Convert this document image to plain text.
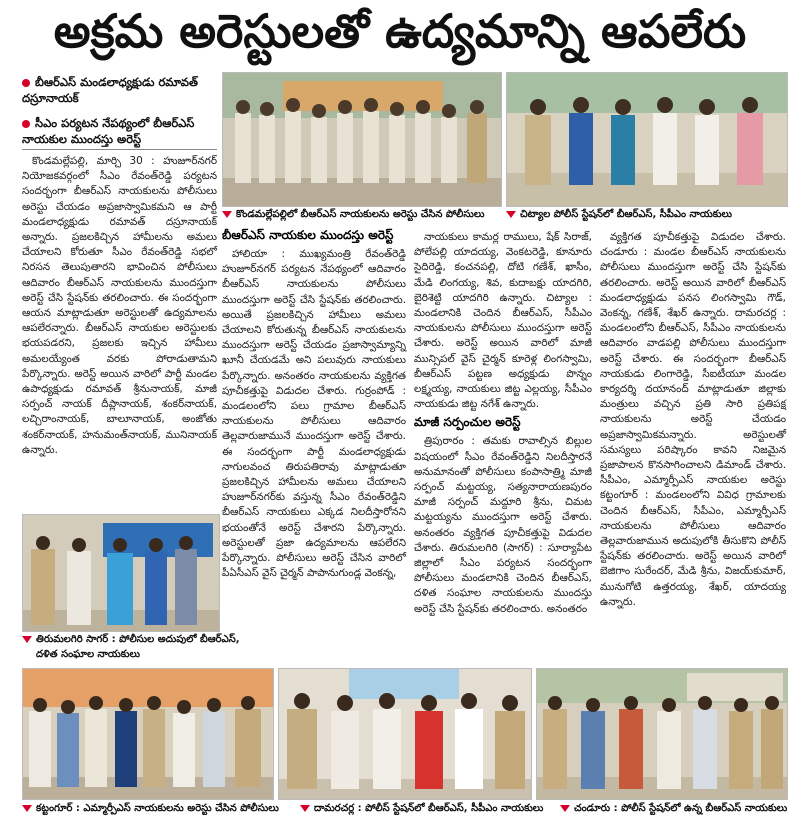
అక్రమ అరెస్టులతో ఉద్యమాన్ని ఆపలేరు
బీఆర్ఎస్ మండలాధ్యక్షుడు రమావత్ దస్రూనాయక్
సీఎం పర్యటన నేపథ్యంలో బీఆర్ఎస్ నాయకుల ముందస్తు అరెస్ట్

కొండమల్లేపల్లి, మార్చి 30 : హుజూర్‌నగర్ నియోజకవర్గంలో సీఎం రేవంత్‌రెడ్డి పర్యటన సందర్భంగా బీఆర్ఎస్ నాయకులను పోలీసులు అరెస్టు చేయడం అప్రజాస్వామికమని ఆ పార్టీ మండలాధ్యక్షుడు రమావత్ దస్రూనాయక్ అన్నారు. ప్రజలకిచ్చిన హామీలను అమలు చేయాలని కోరుతూ సీఎం రేవంత్‌రెడ్డి సభలో నిరసన తెలుపుతారని భావించిన పోలీసులు ఆదివారం బీఆర్ఎస్ నాయకులను ముందస్తుగా అరెస్ట్ చేసి స్టేషన్‌కు తరలించారు. ఈ సందర్భంగా ఆయన మాట్లాడుతూ అరెస్టులతో ఉద్యమాలను ఆపలేరన్నారు. బీఆర్ఎస్ నాయకుల అరెస్టులకు భయపడరని, ప్రజలకు ఇచ్చిన హామీలు అమలయ్యేంత వరకు పోరాడుతామని పేర్కొన్నారు. అరెస్ట్ అయిన వారిలో పార్టీ మండల ఉపాధ్యక్షుడు రమావత్ శ్రీనునాయక్, మాజీ సర్పంచ్ నాయక్ దీప్లానాయక్, శంకర్‌నాయక్, లచ్చిరాంనాయక్, బాలూనాయక్, అంజోతు శంకర్‌నాయక్, హనుమంత్‌నాయక్, మునినాయక్ ఉన్నారు.

కొండమల్లేపల్లిలో బీఆర్ఎస్ నాయకులను అరెస్టు చేసిన పోలీసులు	చిట్యాల పోలీస్ స్టేషన్‌లో బీఆర్ఎస్, సీపీఎం నాయకులు
బీఆర్ఎస్ నాయకుల ముందస్తు అరెస్ట్

హాలియా : ముఖ్యమంత్రి రేవంత్‌రెడ్డి హుజూర్‌నగర్ పర్యటన నేపథ్యంలో ఆదివారం బీఆర్ఎస్ నాయకులను పోలీసులు ముందస్తుగా అరెస్ట్ చేసి స్టేషన్‌కు తరలించారు. అయితే ప్రజలకిచ్చిన హామీలు అమలు చేయాలని కోరుతున్న బీఆర్ఎస్ నాయకులను ముందస్తుగా అరెస్ట్ చేయడం ప్రజాస్వామ్యాన్ని ఖూనీ చేయడమే అని పలువురు నాయకులు పేర్కొన్నారు. అనంతరం నాయకులను వ్యక్తిగత పూచీకత్తుపై విడుదల చేశారు. గుర్రంపోడ్ : మండలంలోని పలు గ్రామాల బీఆర్ఎస్ నాయకులను పోలీసులు ఆదివారం తెల్లవారుజామునే ముందస్తుగా అరెస్ట్ చేశారు. ఈ సందర్భంగా పార్టీ మండలాధ్యక్షుడు నాగులవంచ తిరుపతిరావు మాట్లాడుతూ ప్రజలకిచ్చిన హామీలను అమలు చేయాలని హుజూర్‌నగర్‌కు వస్తున్న సీఎం రేవంత్‌రెడ్డిని బీఆర్ఎస్ నాయకులు ఎక్కడ నిలదీస్తారోనని భయంతోనే అరెస్ట్ చేశారని పేర్కొన్నారు. అరెస్టులతో ప్రజా ఉద్యమాలను ఆపలేరని పేర్కొన్నారు. పోలీసులు అరెస్ట్ చేసిన వారిలో పీఏసీఎస్ వైస్ చైర్మన్ పాపానుగుండ్ల వెంకన్న,

నాయకులు కామర్ల రాములు, షేక్ సిరాజ్, పోలేపల్లి యాదయ్య, వెంకటరెడ్డి, కూనూరు సైదిరెడ్డి, కంచనపల్లి, దోటి గణేశ్, ఖాసీం, మేడి లింగయ్య, శివ, కుదాబక్షు యాదగిరి, బైరిశెట్టి యాదగిరి ఉన్నారు. చిట్యాల : మండలానికి చెందిన బీఆర్ఎస్, సీపీఎం నాయకులను పోలీసులు ముందస్తుగా అరెస్ట్ చేశారు. అరెస్ట్ అయిన వారిలో మాజీ మున్సిపల్ వైస్ చైర్మన్ కూరెళ్ల లింగస్వామి, బీఆర్ఎస్ పట్టణ అధ్యక్షుడు పొన్నం లక్ష్మయ్య, నాయకులు జిట్ట ఎల్లయ్య, సీపీఎం నాయకుడు జిట్ట నగేశ్ ఉన్నారు.

మాజీ సర్పంచుల అరెస్ట్

త్రిపురారం : తమకు రావాల్సిన బిల్లుల విషయంలో సీఎం రేవంత్‌రెడ్డిని నిలదీస్తారనే అనుమానంతో పోలీసులు కంపాసాత్ర్మి మాజీ సర్పంచ్ మట్టయ్య, సత్యనారాయణపురం మాజీ సర్పంచ్ మద్దూరి శ్రీను, చిమట మట్టయ్యను ముందస్తుగా అరెస్ట్ చేశారు. అనంతరం వ్యక్తిగత పూచీకత్తుపై విడుదల చేశారు. తిరుమలగిరి (సాగర్) : సూర్యాపేట జిల్లాలో సీఎం పర్యటన సందర్భంగా పోలీసులు మండలానికి చెందిన బీఆర్ఎస్, దళిత సంఘాల నాయకులను ముందస్తు అరెస్ట్ చేసి స్టేషన్‌కు తరలించారు. అనంతరం

వ్యక్తిగత పూచీకత్తుపై విడుదల చేశారు. చండూరు : మండల బీఆర్ఎస్ నాయకులను పోలీసులు ముందస్తుగా అరెస్ట్ చేసి స్టేషన్‌కు తరలించారు. అరెస్ట్ అయిన వారిలో బీఆర్ఎస్ మండలాధ్యక్షుడు పనస లింగస్వామి గౌడ్, వెంకన్న, గణేశ్, శేఖర్ ఉన్నారు. దామరచర్ల : మండలంలోని బీఆర్ఎస్, సీపీఎం నాయకులను ఆదివారం వాడపల్లి పోలీసులు ముందస్తుగా అరెస్ట్ చేశారు. ఈ సందర్భంగా బీఆర్ఎస్ నాయకుడు లింగారెడ్డి, సీఐటీయూ మండల కార్యదర్శి దయానంద్ మాట్లాడుతూ జిల్లాకు మంత్రులు వచ్చిన ప్రతి సారి ప్రతిపక్ష నాయకులను అరెస్ట్ చేయడం అప్రజాస్వామికమన్నారు. అరెస్టులతో సమస్యలు పరిష్కారం కావని నిజమైన ప్రజాపాలన కొనసాగించాలని డిమాండ్ చేశారు. సీపీఎం, ఎమ్మార్పీఎస్ నాయకుల అరెస్టు కట్టంగూర్ : మండలంలోని వివిధ గ్రామాలకు చెందిన బీఆర్ఎస్, సీపీఎం, ఎమ్మార్పీఎస్ నాయకులను పోలీసులు ఆదివారం తెల్లవారుజామున అదుపులోకి తీసుకొని పోలీస్ స్టేషన్‌కు తరలించారు. అరెస్ట్ అయిన వారిలో బెజిగాం సురేందర్, మేడి శ్రీను, విజయ్‌కుమార్, మునుగోటి ఉత్తరయ్య, శేఖర్, యాదయ్య ఉన్నారు.

తిరుమలగిరి సాగర్ : పోలీసుల అదుపులో బీఆర్ఎస్,
దళిత సంఘాల నాయకులు
కట్టంగూర్ : ఎమ్మార్పీఎస్ నాయకులను అరెస్టు చేసిన పోలీసులు	దామరచర్ల : పోలీస్ స్టేషన్‌లో బీఆర్ఎస్, సీపీఎం నాయకులు	చండూరు : పోలీస్ స్టేషన్‌లో ఉన్న బీఆర్ఎస్ నాయకులు
